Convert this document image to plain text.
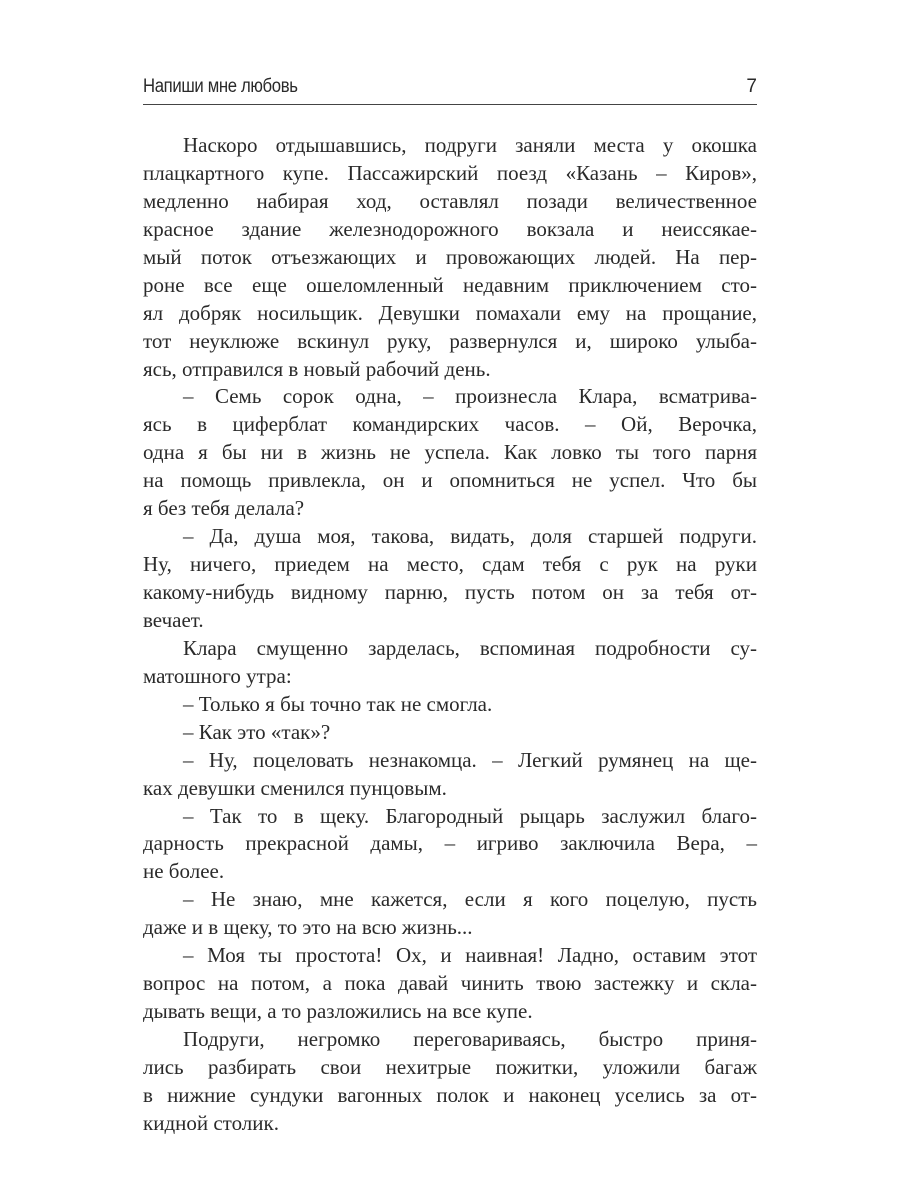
Напиши мне любовь	7
Наскоро отдышавшись, подруги заняли места у окошка
плацкартного купе. Пассажирский поезд «Казань – Киров»,
медленно набирая ход, оставлял позади величественное
красное здание железнодорожного вокзала и неиссякае-
мый поток отъезжающих и провожающих людей. На пер-
роне все еще ошеломленный недавним приключением сто-
ял добряк носильщик. Девушки помахали ему на прощание,
тот неуклюже вскинул руку, развернулся и, широко улыба-
ясь, отправился в новый рабочий день.
– Семь сорок одна, – произнесла Клара, всматрива-
ясь в циферблат командирских часов. – Ой, Верочка,
одна я бы ни в жизнь не успела. Как ловко ты того парня
на помощь привлекла, он и опомниться не успел. Что бы
я без тебя делала?
– Да, душа моя, такова, видать, доля старшей подруги.
Ну, ничего, приедем на место, сдам тебя с рук на руки
какому-нибудь видному парню, пусть потом он за тебя от-
вечает.
Клара смущенно зарделась, вспоминая подробности су-
матошного утра:
– Только я бы точно так не смогла.
– Как это «так»?
– Ну, поцеловать незнакомца. – Легкий румянец на ще-
ках девушки сменился пунцовым.
– Так то в щеку. Благородный рыцарь заслужил благо-
дарность прекрасной дамы, – игриво заключила Вера, –
не более.
– Не знаю, мне кажется, если я кого поцелую, пусть
даже и в щеку, то это на всю жизнь...
– Моя ты простота! Ох, и наивная! Ладно, оставим этот
вопрос на потом, а пока давай чинить твою застежку и скла-
дывать вещи, а то разложились на все купе.
Подруги, негромко переговариваясь, быстро приня-
лись разбирать свои нехитрые пожитки, уложили багаж
в нижние сундуки вагонных полок и наконец уселись за от-
кидной столик.
